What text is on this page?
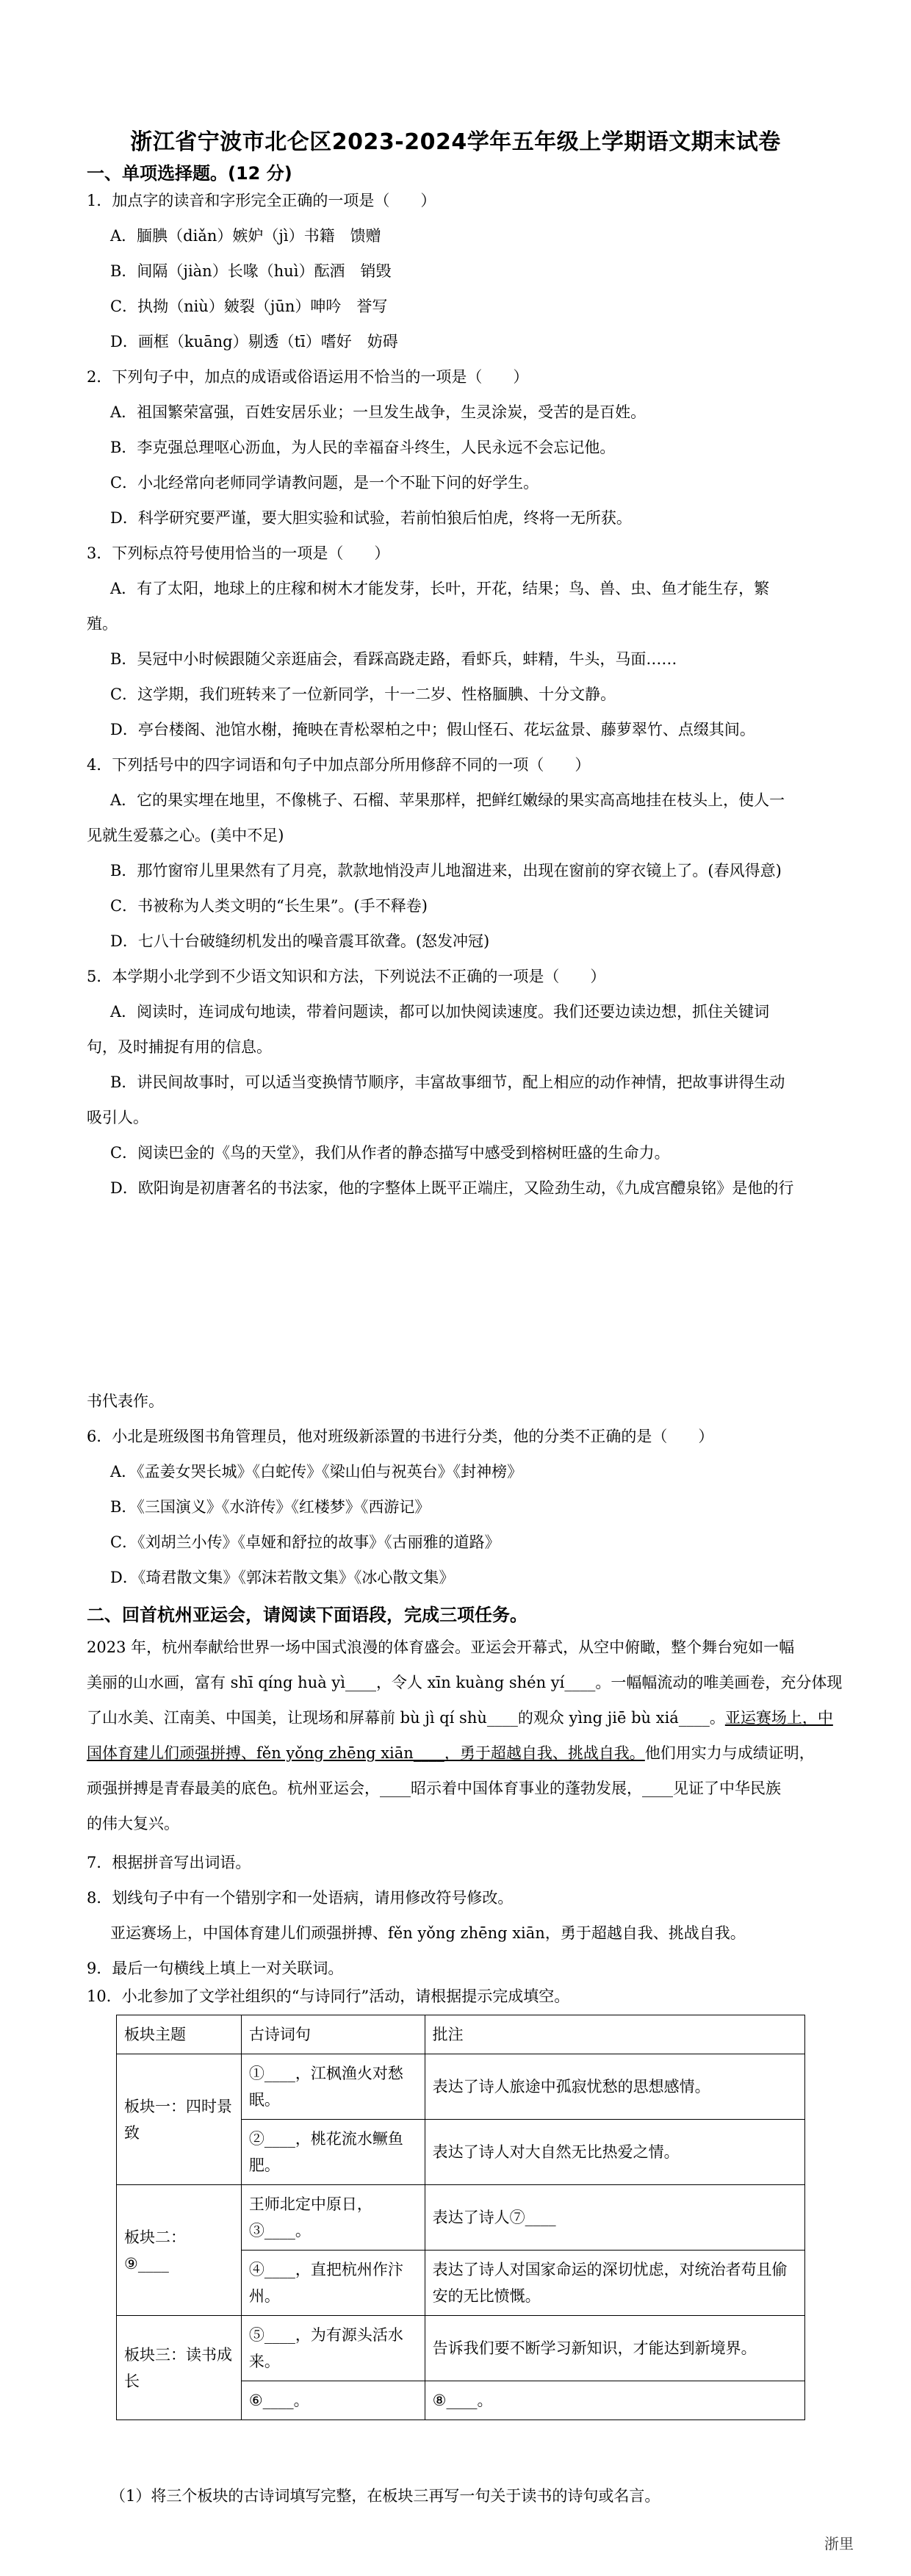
浙江省宁波市北仑区2023-2024学年五年级上学期语文期末试卷
一、单项选择题。(12 分)
1．加点字的读音和字形完全正确的一项是（　　）
A．腼腆（diǎn）嫉妒（jì）书籍　馈赠
B．间隔（jiàn）长喙（huì）酝酒　销毁
C．执拗（niù）皴裂（jūn）呻吟　誉写
D．画框（kuāng）剔透（tī）嗜好　妨碍
2．下列句子中，加点的成语或俗语运用不恰当的一项是（　　）
A．祖国繁荣富强，百姓安居乐业；一旦发生战争，生灵涂炭，受苦的是百姓。
B．李克强总理呕心沥血，为人民的幸福奋斗终生，人民永远不会忘记他。
C．小北经常向老师同学请教问题，是一个不耻下问的好学生。
D．科学研究要严谨，要大胆实验和试验，若前怕狼后怕虎，终将一无所获。
3．下列标点符号使用恰当的一项是（　　）
A．有了太阳，地球上的庄稼和树木才能发芽，长叶，开花，结果；鸟、兽、虫、鱼才能生存，繁
殖。
B．吴冠中小时候跟随父亲逛庙会，看踩高跷走路，看虾兵，蚌精，牛头，马面……
C．这学期，我们班转来了一位新同学，十一二岁、性格腼腆、十分文静。
D．亭台楼阁、池馆水榭，掩映在青松翠柏之中；假山怪石、花坛盆景、藤萝翠竹、点缀其间。
4．下列括号中的四字词语和句子中加点部分所用修辞不同的一项（　　）
A．它的果实埋在地里，不像桃子、石榴、苹果那样，把鲜红嫩绿的果实高高地挂在枝头上，使人一
见就生爱慕之心。(美中不足)
B．那竹窗帘儿里果然有了月亮，款款地悄没声儿地溜进来，出现在窗前的穿衣镜上了。(春风得意)
C．书被称为人类文明的“长生果”。(手不释卷)
D．七八十台破缝纫机发出的噪音震耳欲聋。(怒发冲冠)
5．本学期小北学到不少语文知识和方法，下列说法不正确的一项是（　　）
A．阅读时，连词成句地读，带着问题读，都可以加快阅读速度。我们还要边读边想，抓住关键词
句，及时捕捉有用的信息。
B．讲民间故事时，可以适当变换情节顺序，丰富故事细节，配上相应的动作神情，把故事讲得生动
吸引人。
C．阅读巴金的《鸟的天堂》，我们从作者的静态描写中感受到榕树旺盛的生命力。
D．欧阳询是初唐著名的书法家，他的字整体上既平正端庄，又险劲生动，《九成宫醴泉铭》是他的行
书代表作。
6．小北是班级图书角管理员，他对班级新添置的书进行分类，他的分类不正确的是（　　）
A．《孟姜女哭长城》《白蛇传》《梁山伯与祝英台》《封神榜》
B．《三国演义》《水浒传》《红楼梦》《西游记》
C．《刘胡兰小传》《卓娅和舒拉的故事》《古丽雅的道路》
D．《琦君散文集》《郭沫若散文集》《冰心散文集》
二、回首杭州亚运会，请阅读下面语段，完成三项任务。

2023 年，杭州奉献给世界一场中国式浪漫的体育盛会。亚运会开幕式，从空中俯瞰，整个舞台宛如一幅

美丽的山水画，富有 shī qíng huà yì____，令人 xīn kuàng shén yí____。一幅幅流动的唯美画卷，充分体现

了山水美、江南美、中国美，让现场和屏幕前 bù jì qí shù____的观众 yìng jiē bù xiá____。亚运赛场上，中

国体育建儿们顽强拼搏、fěn yǒng zhēng xiān____，勇于超越自我、挑战自我。他们用实力与成绩证明，

顽强拼搏是青春最美的底色。杭州亚运会，____昭示着中国体育事业的蓬勃发展，____见证了中华民族

的伟大复兴。

7．根据拼音写出词语。
8．划线句子中有一个错别字和一处语病，请用修改符号修改。
亚运赛场上，中国体育建儿们顽强拼搏、fěn yǒng zhēng xiān，勇于超越自我、挑战自我。
9．最后一句横线上填上一对关联词。
10．小北参加了文学社组织的“与诗同行”活动，请根据提示完成填空。
板块主题	古诗词句	批注
板块一：四时景致	①____，江枫渔火对愁眠。	表达了诗人旅途中孤寂忧愁的思想感情。
	②____，桃花流水鳜鱼肥。	表达了诗人对大自然无比热爱之情。
板块二：
⑨____	王师北定中原日，③____。	表达了诗人⑦____
	④____，直把杭州作汴州。	表达了诗人对国家命运的深切忧虑，对统治者苟且偷安的无比愤慨。
板块三：读书成长	⑤____，为有源头活水来。	告诉我们要不断学习新知识，才能达到新境界。
	⑥____。	⑧____。
（1）将三个板块的古诗词填写完整，在板块三再写一句关于读书的诗句或名言。
浙里
